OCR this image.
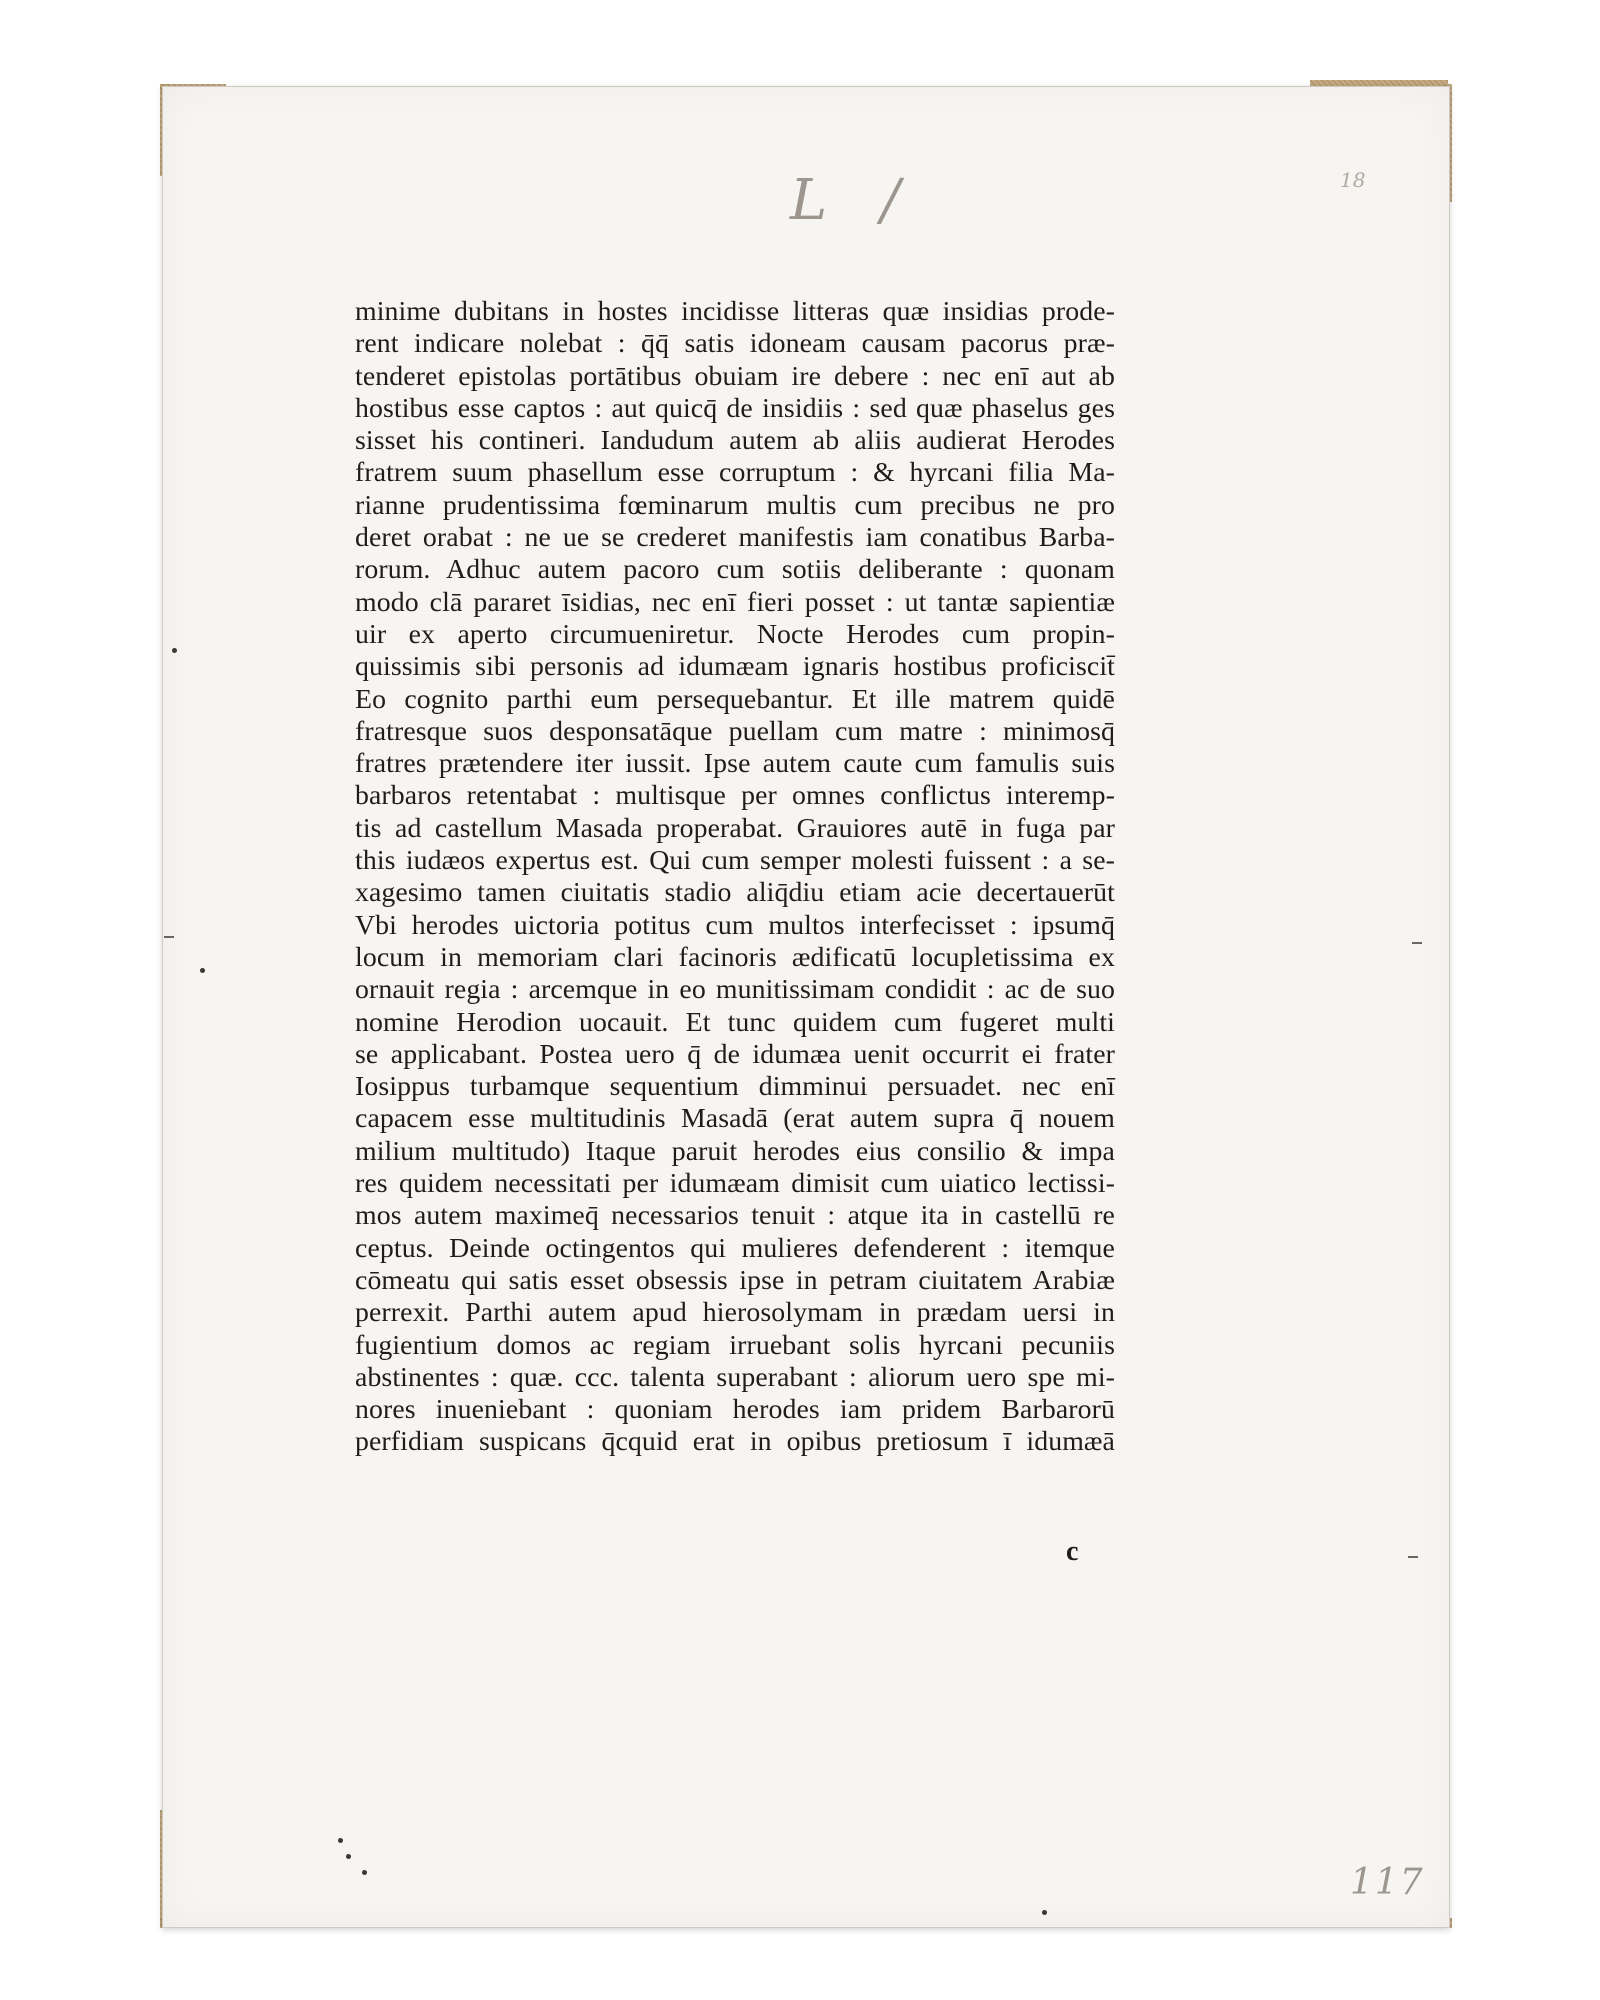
L /	18
117
minime dubitans in hostes incidisse litteras quæ insidias prode-
rent indicare nolebat : q̄q̄ satis idoneam causam pacorus præ-
tenderet epistolas portātibus obuiam ire debere : nec enī aut ab
hostibus esse captos : aut quicq̄ de insidiis : sed quæ phaselus ges
sisset his contineri. Iandudum autem ab aliis audierat Herodes
fratrem suum phasellum esse corruptum : & hyrcani filia Ma-
rianne prudentissima fœminarum multis cum precibus ne pro
deret orabat : ne ue se crederet manifestis iam conatibus Barba-
rorum. Adhuc autem pacoro cum sotiis deliberante : quonam
modo clā pararet īsidias, nec enī fieri posset : ut tantæ sapientiæ
uir ex aperto circumueniretur. Nocte Herodes cum propin-
quissimis sibi personis ad idumæam ignaris hostibus proficiscit̄
Eo cognito parthi eum persequebantur. Et ille matrem quidē
fratresque suos desponsatāque puellam cum matre : minimosq̄
fratres prætendere iter iussit. Ipse autem caute cum famulis suis
barbaros retentabat : multisque per omnes conflictus interemp-
tis ad castellum Masada properabat. Grauiores autē in fuga par
this iudæos expertus est. Qui cum semper molesti fuissent : a se-
xagesimo tamen ciuitatis stadio aliq̄diu etiam acie decertauerūt
Vbi herodes uictoria potitus cum multos interfecisset : ipsumq̄
locum in memoriam clari facinoris ædificatū locupletissima ex
ornauit regia : arcemque in eo munitissimam condidit : ac de suo
nomine Herodion uocauit. Et tunc quidem cum fugeret multi
se applicabant. Postea uero q̄ de idumæa uenit occurrit ei frater
Iosippus turbamque sequentium dimminui persuadet. nec enī
capacem esse multitudinis Masadā (erat autem supra q̄ nouem
milium multitudo) Itaque paruit herodes eius consilio & impa
res quidem necessitati per idumæam dimisit cum uiatico lectissi-
mos autem maximeq̄ necessarios tenuit : atque ita in castellū re
ceptus. Deinde octingentos qui mulieres defenderent : itemque
cōmeatu qui satis esset obsessis ipse in petram ciuitatem Arabiæ
perrexit. Parthi autem apud hierosolymam in prædam uersi in
fugientium domos ac regiam irruebant solis hyrcani pecuniis
abstinentes : quæ. ccc. talenta superabant : aliorum uero spe mi-
nores inueniebant : quoniam herodes iam pridem Barbarorū
perfidiam suspicans q̄cquid erat in opibus pretiosum ī idumæā
c
